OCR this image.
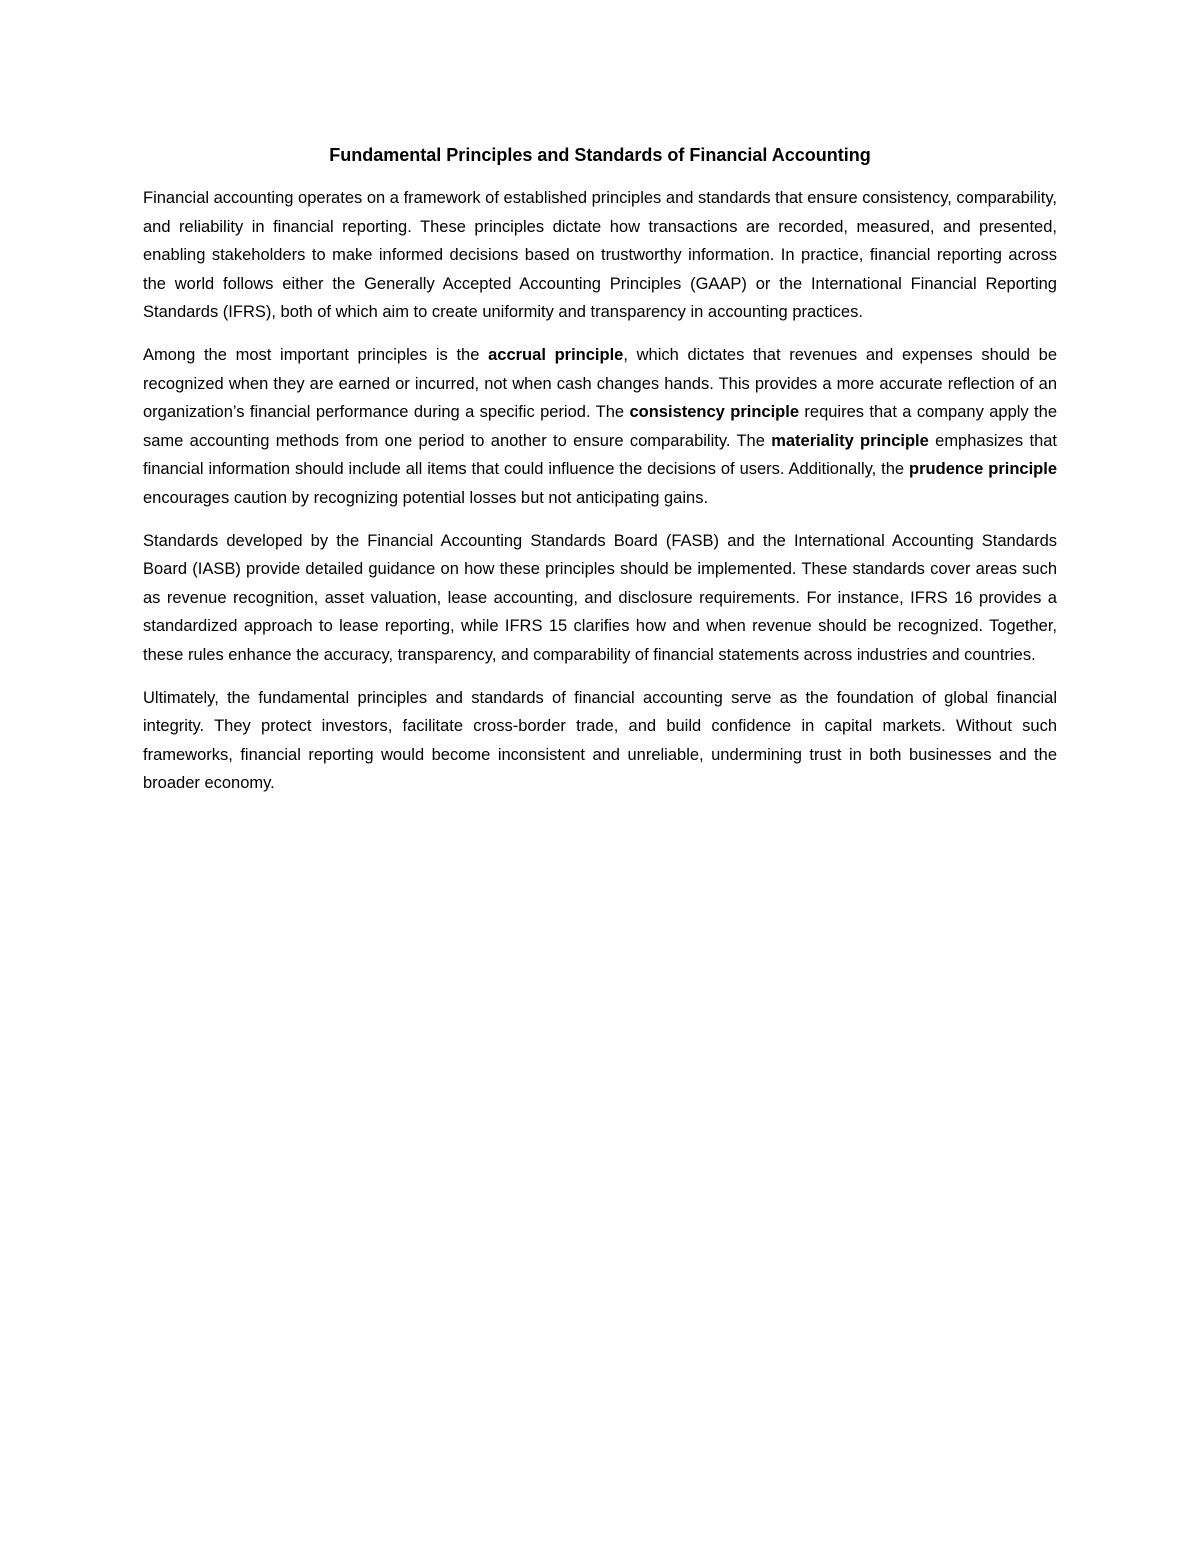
Fundamental Principles and Standards of Financial Accounting

Financial accounting operates on a framework of established principles and standards that ensure consistency, comparability, and reliability in financial reporting. These principles dictate how transactions are recorded, measured, and presented, enabling stakeholders to make informed decisions based on trustworthy information. In practice, financial reporting across the world follows either the Generally Accepted Accounting Principles (GAAP) or the International Financial Reporting Standards (IFRS), both of which aim to create uniformity and transparency in accounting practices.

Among the most important principles is the accrual principle, which dictates that revenues and expenses should be recognized when they are earned or incurred, not when cash changes hands. This provides a more accurate reflection of an organization’s financial performance during a specific period. The consistency principle requires that a company apply the same accounting methods from one period to another to ensure comparability. The materiality principle emphasizes that financial information should include all items that could influence the decisions of users. Additionally, the prudence principle encourages caution by recognizing potential losses but not anticipating gains.

Standards developed by the Financial Accounting Standards Board (FASB) and the International Accounting Standards Board (IASB) provide detailed guidance on how these principles should be implemented. These standards cover areas such as revenue recognition, asset valuation, lease accounting, and disclosure requirements. For instance, IFRS 16 provides a standardized approach to lease reporting, while IFRS 15 clarifies how and when revenue should be recognized. Together, these rules enhance the accuracy, transparency, and comparability of financial statements across industries and countries.

Ultimately, the fundamental principles and standards of financial accounting serve as the foundation of global financial integrity. They protect investors, facilitate cross-border trade, and build confidence in capital markets. Without such frameworks, financial reporting would become inconsistent and unreliable, undermining trust in both businesses and the broader economy.
